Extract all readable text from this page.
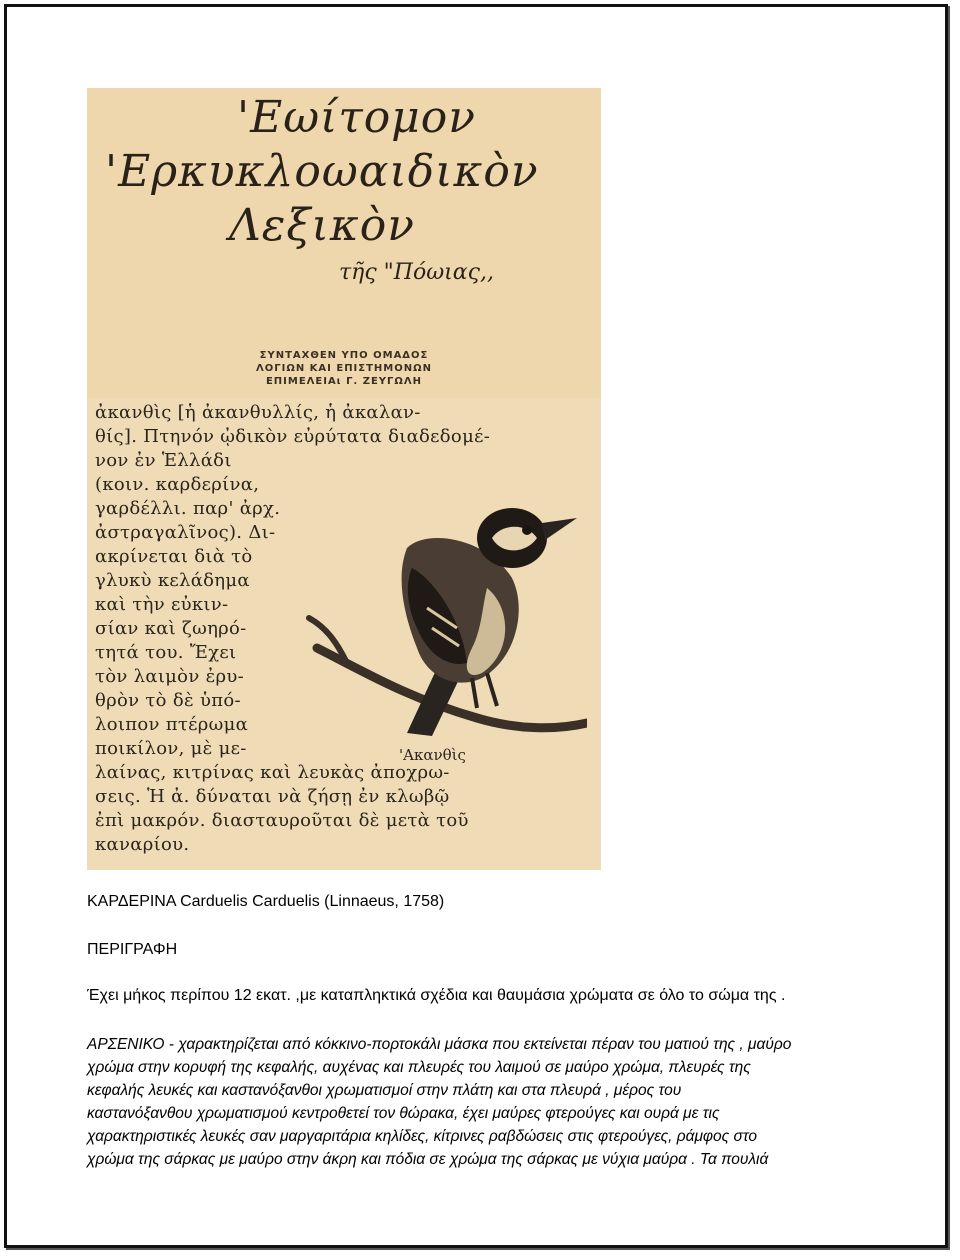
'Εωίτομον
'Ερκυκλοωαιδικὸν
Λεξικὸν
τῆς "Πόωιας,,
ΣΥΝΤΑΧΘΕΝ ΥΠΟ ΟΜΑΔΟΣ
ΛΟΓΙΩΝ ΚΑΙ ΕΠΙΣΤΗΜΟΝΩΝ
ΕΠΙΜΕΛΕΙΑι Γ. ΖΕΥΓΩΛΗ
ἀκανθὶς [ἡ ἀκανθυλλίς, ἡ ἀκαλαν-
θίς]. Πτηνόν ᾠδικὸν εὐρύτατα διαδεδομέ-
νον ἐν Ἑλλάδι
(κοιν. καρδερίνα,
γαρδέλλι. παρ' ἀρχ.
ἀστραγαλῖνος). Δι-
ακρίνεται διὰ τὸ
γλυκὺ κελάδημα
καὶ τὴν εὐκιν-
σίαν καὶ ζωηρό-
τητά του. Ἔχει
τὸν λαιμὸν ἐρυ-
θρὸν τὸ δὲ ὑπό-
λοιπον πτέρωμα
ποικίλον, μὲ με-
λαίνας, κιτρίνας καὶ λευκὰς ἀποχρω-
σεις. Ἡ ἀ. δύναται νὰ ζήσῃ ἐν κλωβῷ
ἐπὶ μακρόν. διασταυροῦται δὲ μετὰ τοῦ
καναρίου.
'Ακανθὶς
ΚΑΡΔΕΡΙΝΑ Carduelis Carduelis (Linnaeus, 1758)
ΠΕΡΙΓΡΑΦΗ
Έχει μήκος περίπου 12 εκατ. ,με καταπληκτικά σχέδια και θαυμάσια χρώματα σε όλο το σώμα της .
ΑΡΣΕΝΙΚΟ - χαρακτηρίζεται από κόκκινο-πορτοκάλι μάσκα που εκτείνεται πέραν του ματιού της , μαύρο
χρώμα στην κορυφή της κεφαλής, αυχένας και πλευρές του λαιμού σε μαύρο χρώμα, πλευρές της
κεφαλής λευκές και καστανόξανθοι χρωματισμοί στην πλάτη και στα πλευρά , μέρος του
καστανόξανθου χρωματισμού κεντροθετεί τον θώρακα, έχει μαύρες φτερούγες και ουρά με τις
χαρακτηριστικές λευκές σαν μαργαριτάρια κηλίδες, κίτρινες ραβδώσεις στις φτερούγες, ράμφος στο
χρώμα της σάρκας με μαύρο στην άκρη και πόδια σε χρώμα της σάρκας με νύχια μαύρα . Τα πουλιά
